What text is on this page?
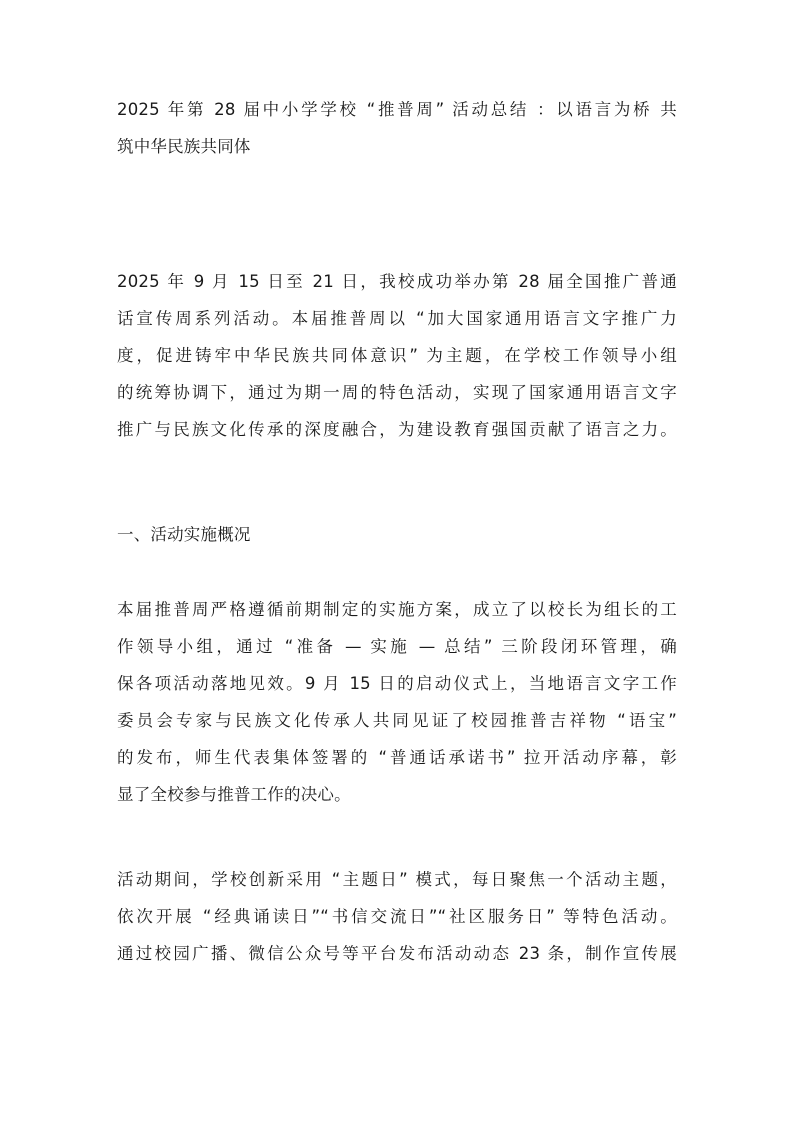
2025 年第 28 届中小学学校 “推普周” 活动总结 ：以语言为桥 共
筑中华民族共同体
2025 年 9 月 15 日至 21 日，我校成功举办第 28 届全国推广普通
话宣传周系列活动。本届推普周以 “加大国家通用语言文字推广力
度，促进铸牢中华民族共同体意识” 为主题，在学校工作领导小组
的统筹协调下，通过为期一周的特色活动，实现了国家通用语言文字
推广与民族文化传承的深度融合，为建设教育强国贡献了语言之力。
一、活动实施概况
本届推普周严格遵循前期制定的实施方案，成立了以校长为组长的工
作领导小组，通过 “准备 — 实施 — 总结” 三阶段闭环管理，确
保各项活动落地见效。9 月 15 日的启动仪式上，当地语言文字工作
委员会专家与民族文化传承人共同见证了校园推普吉祥物 “语宝”
的发布，师生代表集体签署的 “普通话承诺书” 拉开活动序幕，彰
显了全校参与推普工作的决心。
活动期间，学校创新采用 “主题日” 模式，每日聚焦一个活动主题，
依次开展 “经典诵读日”“书信交流日”“社区服务日” 等特色活动。
通过校园广播、微信公众号等平台发布活动动态 23 条，制作宣传展
